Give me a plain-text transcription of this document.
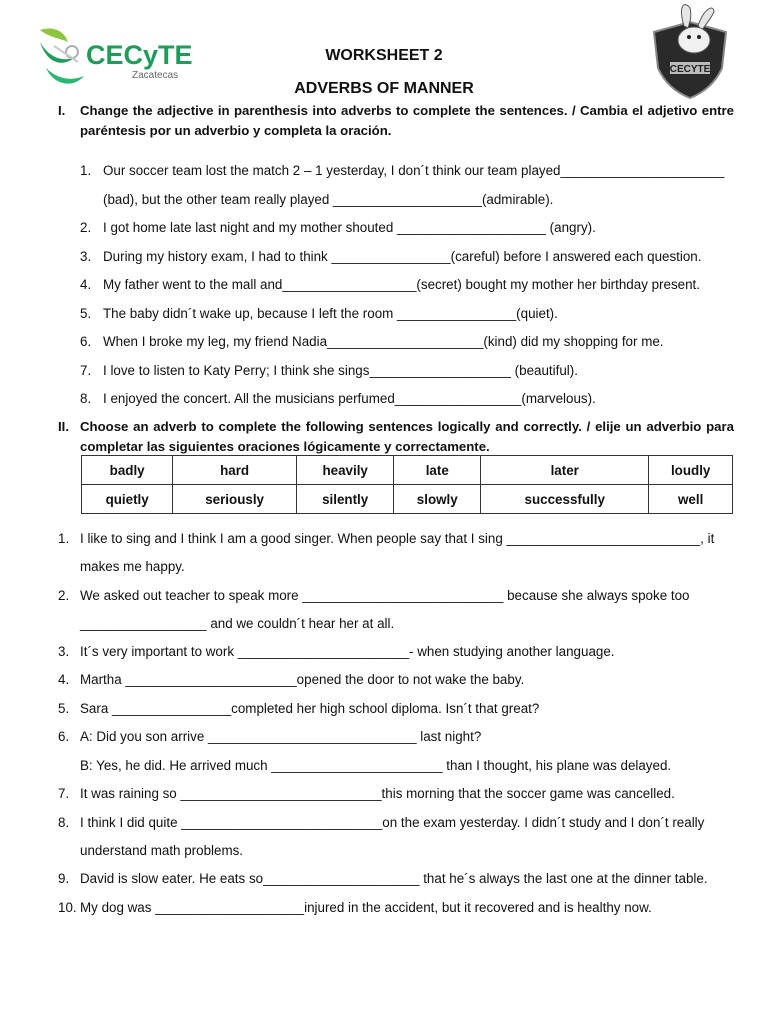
CECyTE
Zacatecas
CECYTE
WORKSHEET 2
ADVERBS OF MANNER
I. Change the adjective in parenthesis into adverbs to complete the sentences. / Cambia el adjetivo entre paréntesis por un adverbio y completa la oración.
1. Our soccer team lost the match 2 – 1 yesterday, I don´t think our team played______________________
(bad), but the other team really played ____________________(admirable).
2. I got home late last night and my mother shouted ____________________ (angry).
3. During my history exam, I had to think ________________(careful) before I answered each question.
4. My father went to the mall and__________________(secret) bought my mother her birthday present.
5. The baby didn´t wake up, because I left the room ________________(quiet).
6. When I broke my leg, my friend Nadia_____________________(kind) did my shopping for me.
7. I love to listen to Katy Perry; I think she sings___________________ (beautiful).
8. I enjoyed the concert. All the musicians perfumed_________________(marvelous).
II. Choose an adverb to complete the following sentences logically and correctly. / elije un adverbio para completar las siguientes oraciones lógicamente y correctamente.
badly	hard	heavily	late	later	loudly
quietly	seriously	silently	slowly	successfully	well
1. I like to sing and I think I am a good singer. When people say that I sing __________________________, it
makes me happy.
2. We asked out teacher to speak more ___________________________ because she always spoke too
_________________ and we couldn´t hear her at all.
3. It´s very important to work _______________________- when studying another language.
4. Martha _______________________opened the door to not wake the baby.
5. Sara ________________completed her high school diploma. Isn´t that great?
6. A: Did you son arrive ____________________________ last night?
B: Yes, he did. He arrived much _______________________ than I thought, his plane was delayed.
7. It was raining so ___________________________this morning that the soccer game was cancelled.
8. I think I did quite ___________________________on the exam yesterday. I didn´t study and I don´t really
understand math problems.
9. David is slow eater. He eats so_____________________ that he´s always the last one at the dinner table.
10. My dog was ____________________injured in the accident, but it recovered and is healthy now.
